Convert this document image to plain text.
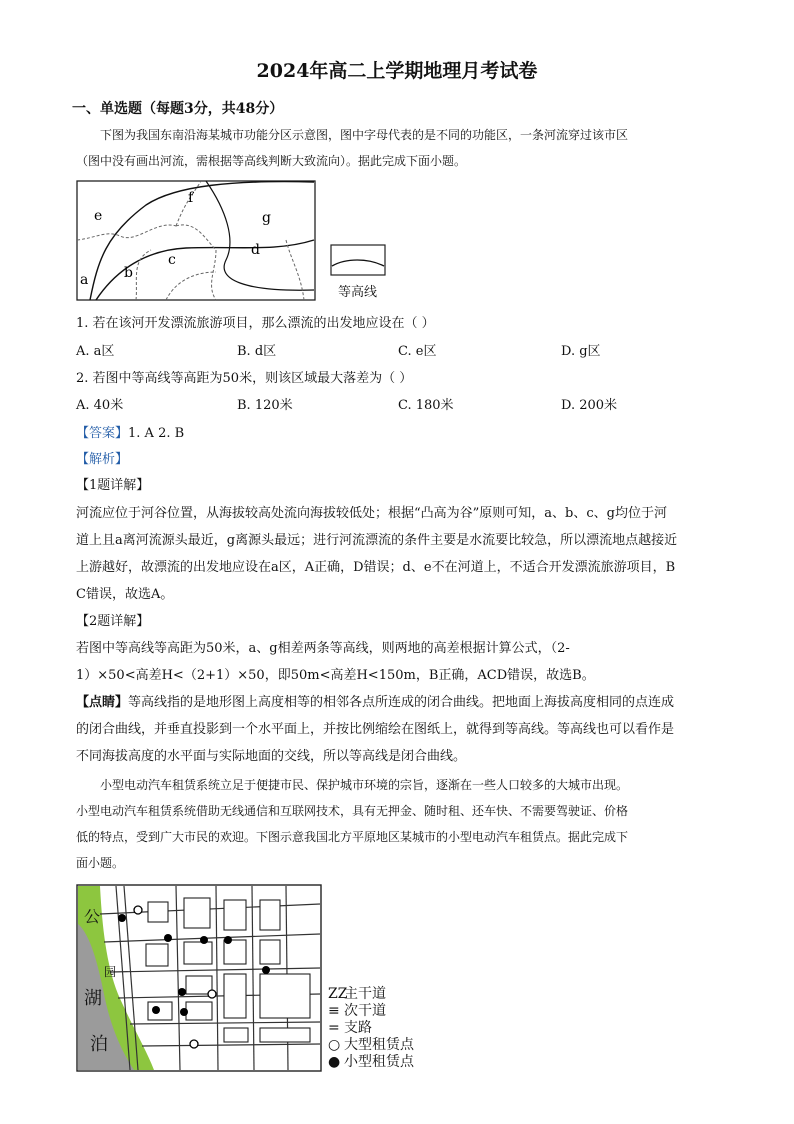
2024年高二上学期地理月考试卷
一、单选题（每题3分，共48分）
下图为我国东南沿海某城市功能分区示意图，图中字母代表的是不同的功能区，一条河流穿过该市区
（图中没有画出河流，需根据等高线判断大致流向）。据此完成下面小题。
a	b
c
d
e
f
g
等高线
1. 若在该河开发漂流旅游项目，那么漂流的出发地应设在（ ）
A. a区	B. d区	C. e区	D. g区
2. 若图中等高线等高距为50米，则该区域最大落差为（ ）
A. 40米	B. 120米	C. 180米	D. 200米
【答案】1. A 2. B
【解析】
【1题详解】
河流应位于河谷位置，从海拔较高处流向海拔较低处；根据“凸高为谷”原则可知，a、b、c、g均位于河
道上且a离河流源头最近，g离源头最远；进行河流漂流的条件主要是水流要比较急，所以漂流地点越接近
上游越好，故漂流的出发地应设在a区，A正确，D错误；d、e不在河道上，不适合开发漂流旅游项目，B
C错误，故选A。
【2题详解】
若图中等高线等高距为50米，a、g相差两条等高线，则两地的高差根据计算公式，（2-
1）×50<高差H<（2+1）×50，即50m<高差H<150m，B正确，ACD错误，故选B。
【点睛】等高线指的是地形图上高度相等的相邻各点所连成的闭合曲线。把地面上海拔高度相同的点连成
的闭合曲线，并垂直投影到一个水平面上，并按比例缩绘在图纸上，就得到等高线。等高线也可以看作是
不同海拔高度的水平面与实际地面的交线，所以等高线是闭合曲线。
小型电动汽车租赁系统立足于便捷市民、保护城市环境的宗旨，逐渐在一些人口较多的大城市出现。
小型电动汽车租赁系统借助无线通信和互联网技术，具有无押金、随时租、还车快、不需要驾驶证、价格
低的特点，受到广大市民的欢迎。下图示意我国北方平原地区某城市的小型电动汽车租赁点。据此完成下
面小题。
公
园
湖
泊
ZZ主干道
≡ 次干道
= 支路
○ 大型租赁点
● 小型租赁点
